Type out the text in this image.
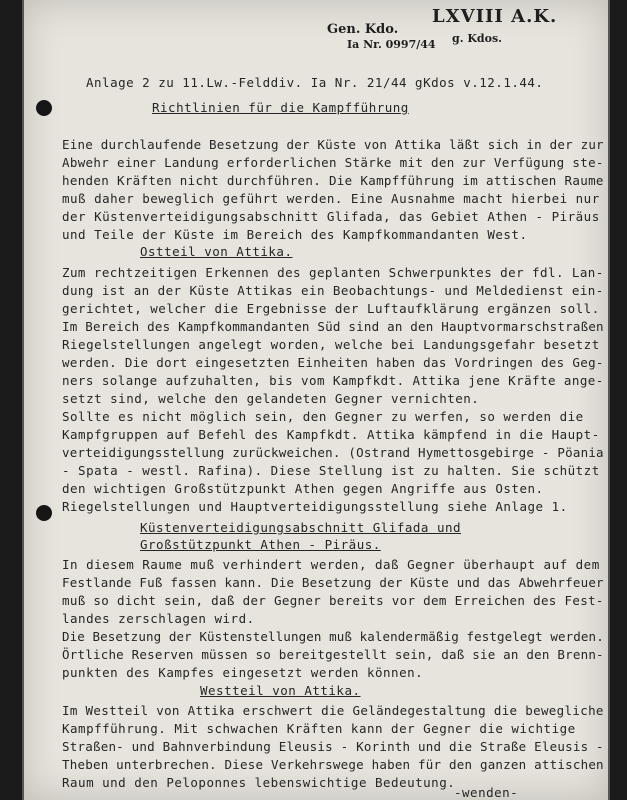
Gen. Kdo.
Ia Nr. 0997/44
LXVIII A.K.
g. Kdos.
Anlage 2 zu 11.Lw.-Felddiv. Ia Nr. 21/44 gKdos v.12.1.44.
Richtlinien für die Kampfführung
Eine durchlaufende Besetzung der Küste von Attika läßt sich in der zur
Abwehr einer Landung erforderlichen Stärke mit den zur Verfügung ste-
henden Kräften nicht durchführen. Die Kampfführung im attischen Raume
muß daher beweglich geführt werden. Eine Ausnahme macht hierbei nur
der Küstenverteidigungsabschnitt Glifada, das Gebiet Athen - Piräus
und Teile der Küste im Bereich des Kampfkommandanten West.
Ostteil von Attika.
Zum rechtzeitigen Erkennen des geplanten Schwerpunktes der fdl. Lan-
dung ist an der Küste Attikas ein Beobachtungs- und Meldedienst ein-
gerichtet, welcher die Ergebnisse der Luftaufklärung ergänzen soll.
Im Bereich des Kampfkommandanten Süd sind an den Hauptvormarschstraßen
Riegelstellungen angelegt worden, welche bei Landungsgefahr besetzt
werden. Die dort eingesetzten Einheiten haben das Vordringen des Geg-
ners solange aufzuhalten, bis vom Kampfkdt. Attika jene Kräfte ange-
setzt sind, welche den gelandeten Gegner vernichten.
Sollte es nicht möglich sein, den Gegner zu werfen, so werden die
Kampfgruppen auf Befehl des Kampfkdt. Attika kämpfend in die Haupt-
verteidigungsstellung zurückweichen. (Ostrand Hymettosgebirge - Pöania
- Spata - westl. Rafina). Diese Stellung ist zu halten. Sie schützt
den wichtigen Großstützpunkt Athen gegen Angriffe aus Osten.
Riegelstellungen und Hauptverteidigungsstellung siehe Anlage 1.
Küstenverteidigungsabschnitt Glifada und
Großstützpunkt Athen - Piräus.
In diesem Raume muß verhindert werden, daß Gegner überhaupt auf dem
Festlande Fuß fassen kann. Die Besetzung der Küste und das Abwehrfeuer
muß so dicht sein, daß der Gegner bereits vor dem Erreichen des Fest-
landes zerschlagen wird.
Die Besetzung der Küstenstellungen muß kalendermäßig festgelegt werden.
Örtliche Reserven müssen so bereitgestellt sein, daß sie an den Brenn-
punkten des Kampfes eingesetzt werden können.
Westteil von Attika.
Im Westteil von Attika erschwert die Geländegestaltung die bewegliche
Kampfführung. Mit schwachen Kräften kann der Gegner die wichtige
Straßen- und Bahnverbindung Eleusis - Korinth und die Straße Eleusis -
Theben unterbrechen. Diese Verkehrswege haben für den ganzen attischen
Raum und den Peloponnes lebenswichtige Bedeutung.
-wenden-
